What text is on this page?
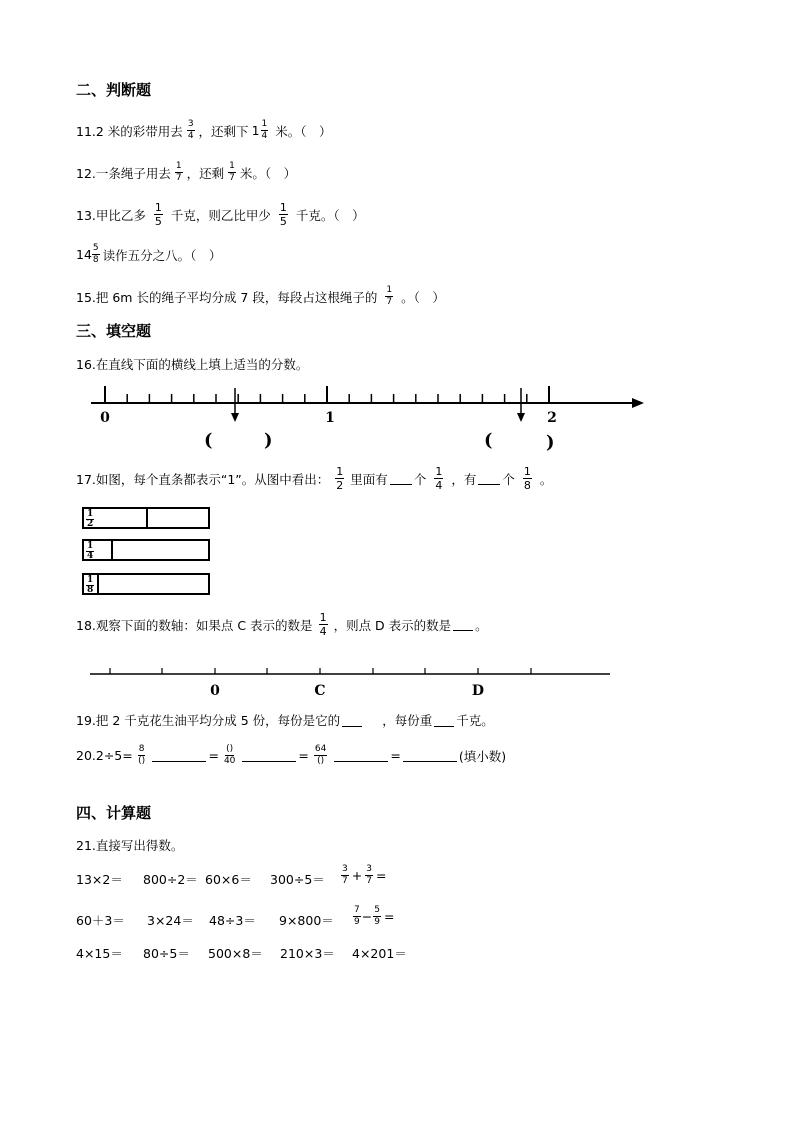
二、判断题
11.2 米的彩带用去 $\frac{3}{4}$ ，还剩下 $1 \frac{1}{4}$ 米。（　）
12.一条绳子用去 $\frac{1}{7}$ ，还剩 $\frac{1}{7}$ 米。（　）
13.甲比乙多 $\frac{1}{5}$ 千克，则乙比甲少 $\frac{1}{5}$ 千克。（　）
$14 \frac{5}{8}$ 读作五分之八。（　）
15.把 6m 长的绳子平均分成 7 段，每段占这根绳子的 $\frac{1}{7}$ 。（　）
三、填空题
16.在直线下面的横线上填上适当的分数。
0	1	2
(	)	(	)
17.如图，每个直条都表示“1”。从图中看出： $\frac{1}{2}$ 里面有 个 $\frac{1}{4}$ ，有 个 $\frac{1}{8}$ 。
$\frac{1}{2}$
$\frac{1}{4}$
$\frac{1}{8}$
18.观察下面的数轴：如果点 C 表示的数是 $\frac{1}{4}$ ，则点 D 表示的数是 。
0	C	D
19.把 2 千克花生油平均分成 5 份，每份是它的	，每份重 千克。
$20.2\div 5= \frac{8}{()}$	= $\frac{()}{40}$	= $\frac{64}{()}$	=	(填小数)
四、计算题
21.直接写出得数。
$13\times 2= 800\div 2= 60\times 6= 300\div 5= \frac{3}{7} + \frac{3}{7}$ =
$60+3= 3\times 24= 48\div 3= 9\times 800= \frac{7}{9} - \frac{5}{9}$ =
4×15＝ 80÷5＝ 500×8＝ 210×3＝ 4×201＝
